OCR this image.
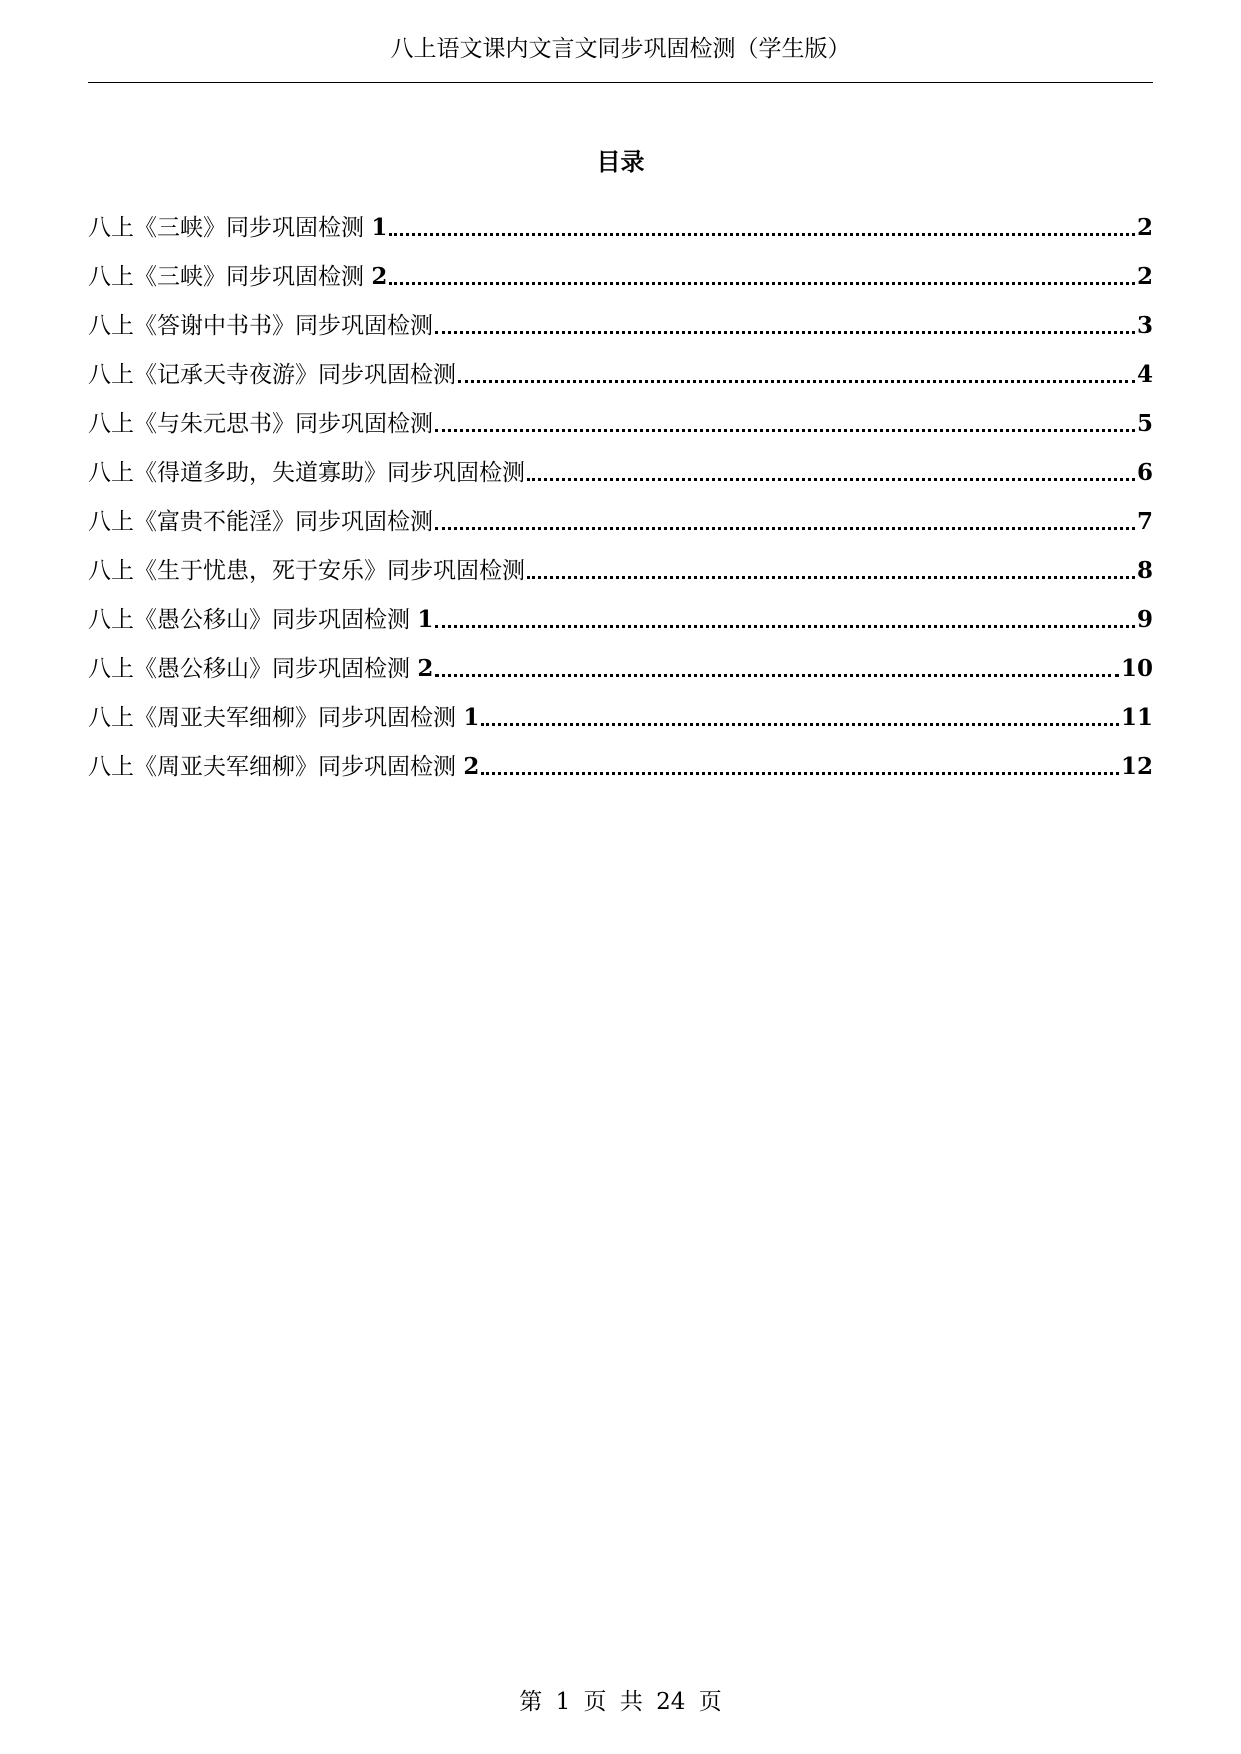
八上语文课内文言文同步巩固检测（学生版）
目录
八上《三峡》同步巩固检测 1	2
八上《三峡》同步巩固检测 2	2
八上《答谢中书书》同步巩固检测	3
八上《记承天寺夜游》同步巩固检测	4
八上《与朱元思书》同步巩固检测	5
八上《得道多助，失道寡助》同步巩固检测	6
八上《富贵不能淫》同步巩固检测	7
八上《生于忧患，死于安乐》同步巩固检测	8
八上《愚公移山》同步巩固检测 1	9
八上《愚公移山》同步巩固检测 2	10
八上《周亚夫军细柳》同步巩固检测 1	11
八上《周亚夫军细柳》同步巩固检测 2	12
第 1 页 共 24 页
